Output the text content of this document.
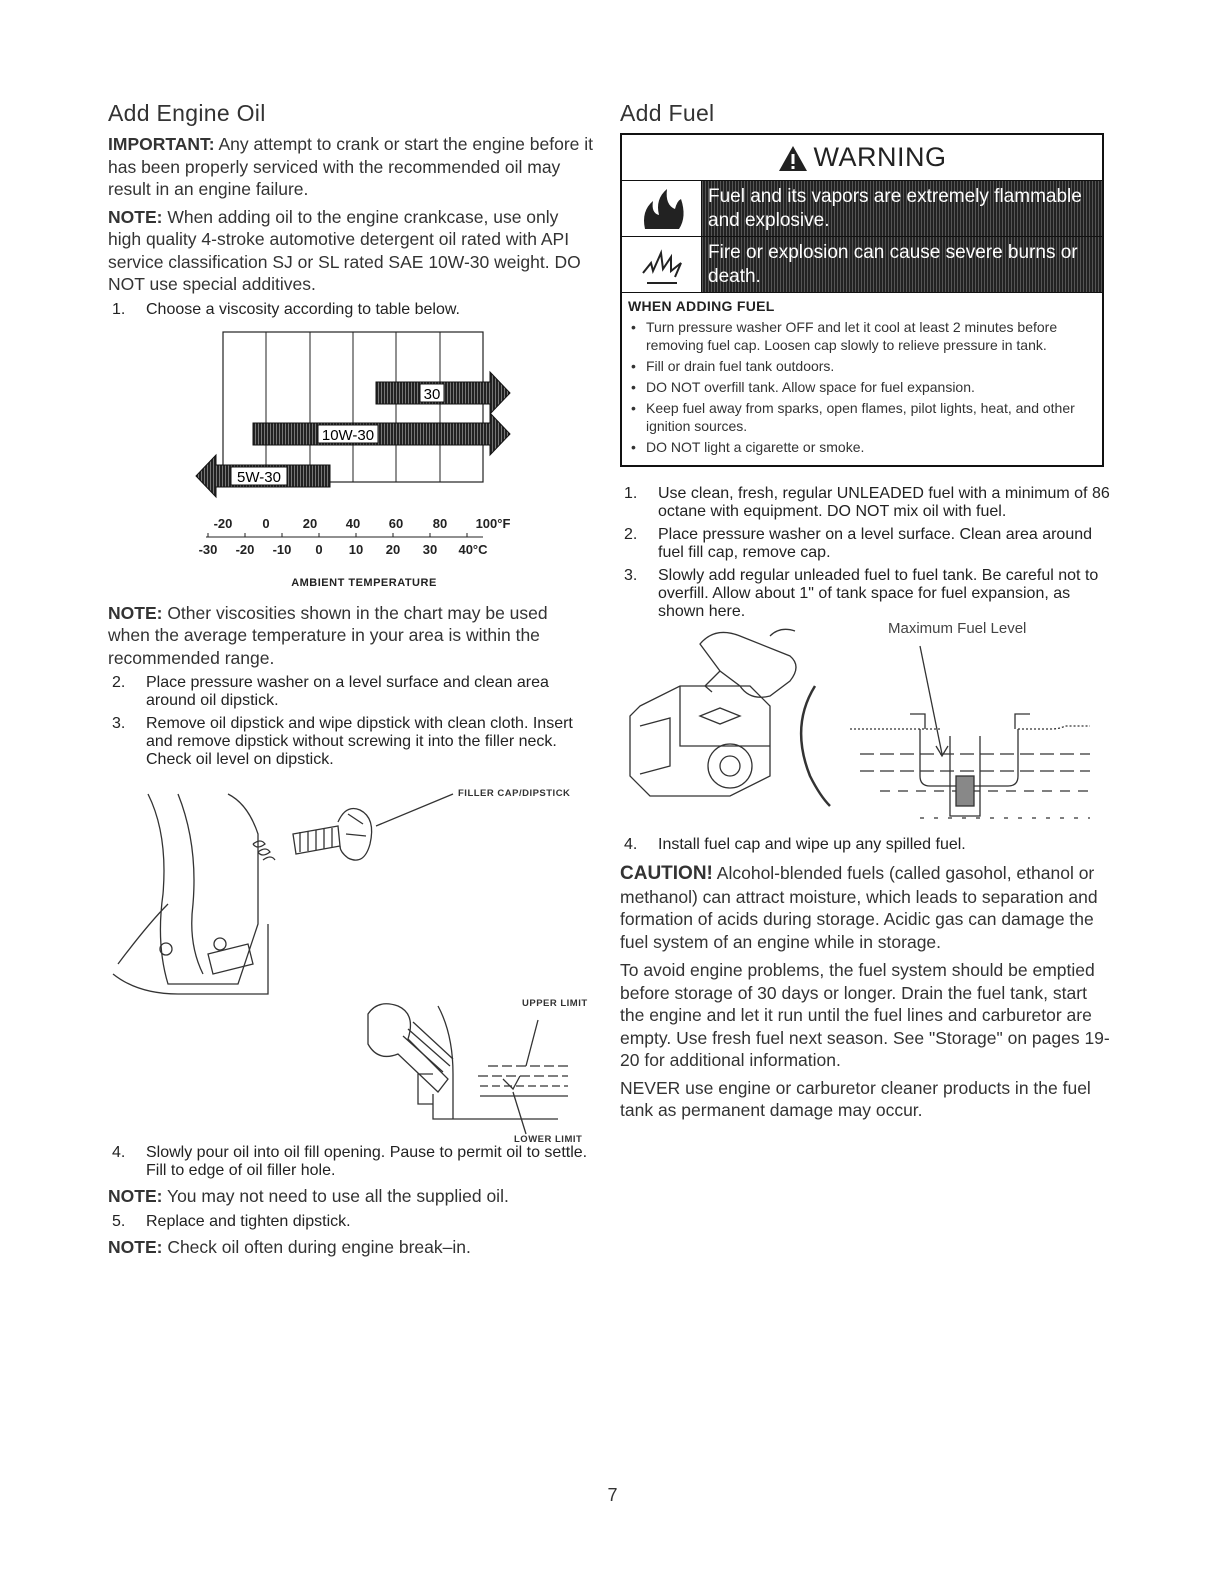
Add Engine Oil

IMPORTANT: Any attempt to crank or start the engine before it has been properly serviced with the recommended oil may result in an engine failure.

NOTE: When adding oil to the engine crankcase, use only high quality 4-stroke automotive detergent oil rated with API service classification SJ or SL rated SAE 10W-30 weight. DO NOT use special additives.

1.	Choose a viscosity according to table below.
30
10W-30
5W-30
-20 0	20 40 60 80 100°F
-30 -20 -10 0 10 20 30 40°C
AMBIENT TEMPERATURE

NOTE: Other viscosities shown in the chart may be used when the average temperature in your area is within the recommended range.

2.	Place pressure washer on a level surface and clean area around oil dipstick.
3.	Remove oil dipstick and wipe dipstick with clean cloth. Insert and remove dipstick without screwing it into the filler neck. Check oil level on dipstick.
FILLER CAP/DIPSTICK
UPPER LIMIT
LOWER LIMIT
4.	Slowly pour oil into oil fill opening. Pause to permit oil to settle. Fill to edge of oil filler hole.

NOTE: You may not need to use all the supplied oil.

5.	Replace and tighten dipstick.

NOTE: Check oil often during engine break–in.

Add Fuel
WARNING
Fuel and its vapors are extremely flammable and explosive.
Fire or explosion can cause severe burns or death.
WHEN ADDING FUEL
• Turn pressure washer OFF and let it cool at least 2 minutes before removing fuel cap. Loosen cap slowly to relieve pressure in tank.
• Fill or drain fuel tank outdoors.
• DO NOT overfill tank. Allow space for fuel expansion.
• Keep fuel away from sparks, open flames, pilot lights, heat, and other ignition sources.
• DO NOT light a cigarette or smoke.
1.	Use clean, fresh, regular UNLEADED fuel with a minimum of 86 octane with equipment. DO NOT mix oil with fuel.
2.	Place pressure washer on a level surface. Clean area around fuel fill cap, remove cap.
3.	Slowly add regular unleaded fuel to fuel tank. Be careful not to overfill. Allow about 1" of tank space for fuel expansion, as shown here.
Maximum Fuel Level
4.	Install fuel cap and wipe up any spilled fuel.

CAUTION! Alcohol-blended fuels (called gasohol, ethanol or methanol) can attract moisture, which leads to separation and formation of acids during storage. Acidic gas can damage the fuel system of an engine while in storage.

To avoid engine problems, the fuel system should be emptied before storage of 30 days or longer. Drain the fuel tank, start the engine and let it run until the fuel lines and carburetor are empty. Use fresh fuel next season. See "Storage" on pages 19-20 for additional information.

NEVER use engine or carburetor cleaner products in the fuel tank as permanent damage may occur.

7
